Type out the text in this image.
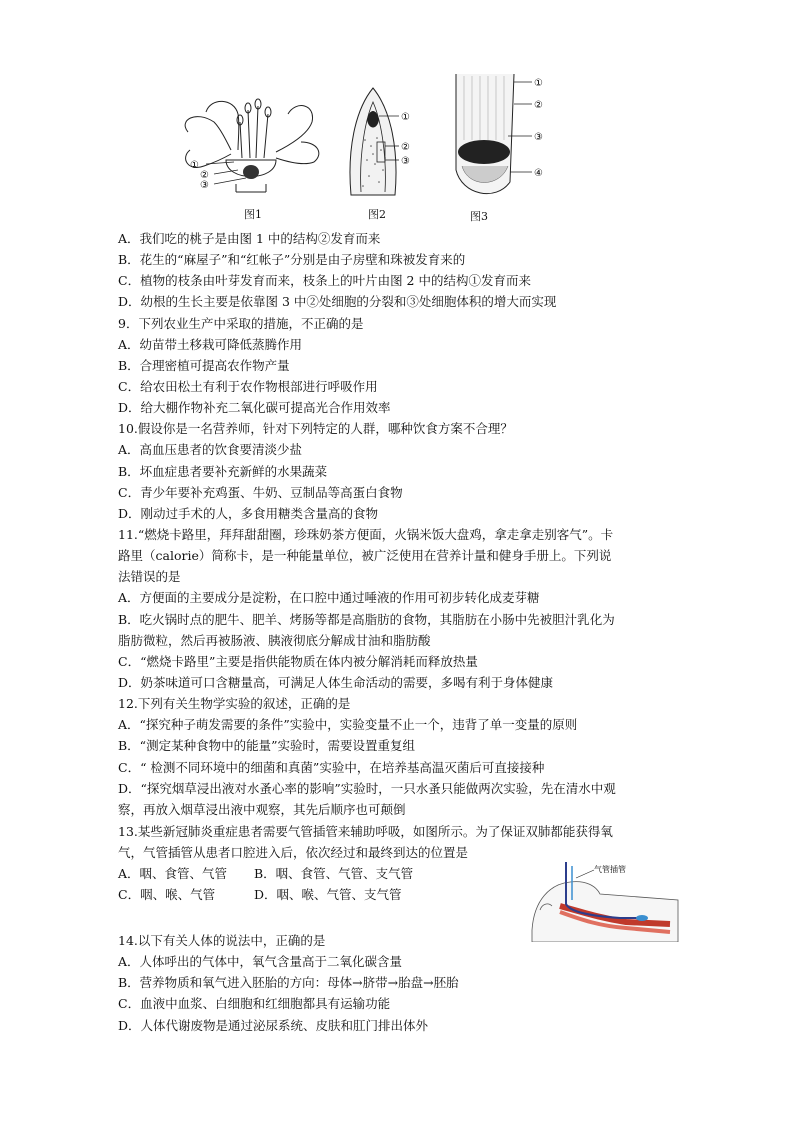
①
②
③
图1
①
②
③
图2
①
②
③
④
图3
A．我们吃的桃子是由图 1 中的结构②发育而来
B．花生的“麻屋子”和“红帐子”分别是由子房壁和珠被发育来的
C．植物的枝条由叶芽发育而来，枝条上的叶片由图 2 中的结构①发育而来
D．幼根的生长主要是依靠图 3 中②处细胞的分裂和③处细胞体积的增大而实现
9．下列农业生产中采取的措施，不正确的是
A．幼苗带土移栽可降低蒸腾作用
B．合理密植可提高农作物产量
C．给农田松土有利于农作物根部进行呼吸作用
D．给大棚作物补充二氧化碳可提高光合作用效率
10.假设你是一名营养师，针对下列特定的人群，哪种饮食方案不合理？
A．高血压患者的饮食要清淡少盐
B．坏血症患者要补充新鲜的水果蔬菜
C．青少年要补充鸡蛋、牛奶、豆制品等高蛋白食物
D．刚动过手术的人，多食用糖类含量高的食物
11.“燃烧卡路里，拜拜甜甜圈，珍珠奶茶方便面，火锅米饭大盘鸡，拿走拿走别客气”。卡
路里（calorie）简称卡，是一种能量单位，被广泛使用在营养计量和健身手册上。下列说
法错误的是
A．方便面的主要成分是淀粉，在口腔中通过唾液的作用可初步转化成麦芽糖
B．吃火锅时点的肥牛、肥羊、烤肠等都是高脂肪的食物，其脂肪在小肠中先被胆汁乳化为
脂肪微粒，然后再被肠液、胰液彻底分解成甘油和脂肪酸
C．“燃烧卡路里”主要是指供能物质在体内被分解消耗而释放热量
D．奶茶味道可口含糖量高，可满足人体生命活动的需要，多喝有利于身体健康
12.下列有关生物学实验的叙述，正确的是
A．“探究种子萌发需要的条件”实验中，实验变量不止一个，违背了单一变量的原则
B．“测定某种食物中的能量”实验时，需要设置重复组
C．“ 检测不同环境中的细菌和真菌”实验中，在培养基高温灭菌后可直接接种
D．“探究烟草浸出液对水蚤心率的影响”实验时，一只水蚤只能做两次实验，先在清水中观
察，再放入烟草浸出液中观察，其先后顺序也可颠倒
13.某些新冠肺炎重症患者需要气管插管来辅助呼吸，如图所示。为了保证双肺都能获得氧
气，气管插管从患者口腔进入后，依次经过和最终到达的位置是
A．咽、食管、气管	B．咽、食管、气管、支气管
C．咽、喉、气管	D．咽、喉、气管、支气管
气管插管
14.以下有关人体的说法中，正确的是
A．人体呼出的气体中，氧气含量高于二氧化碳含量
B．营养物质和氧气进入胚胎的方向：母体→脐带→胎盘→胚胎
C．血液中血浆、白细胞和红细胞都具有运输功能
D．人体代谢废物是通过泌尿系统、皮肤和肛门排出体外
